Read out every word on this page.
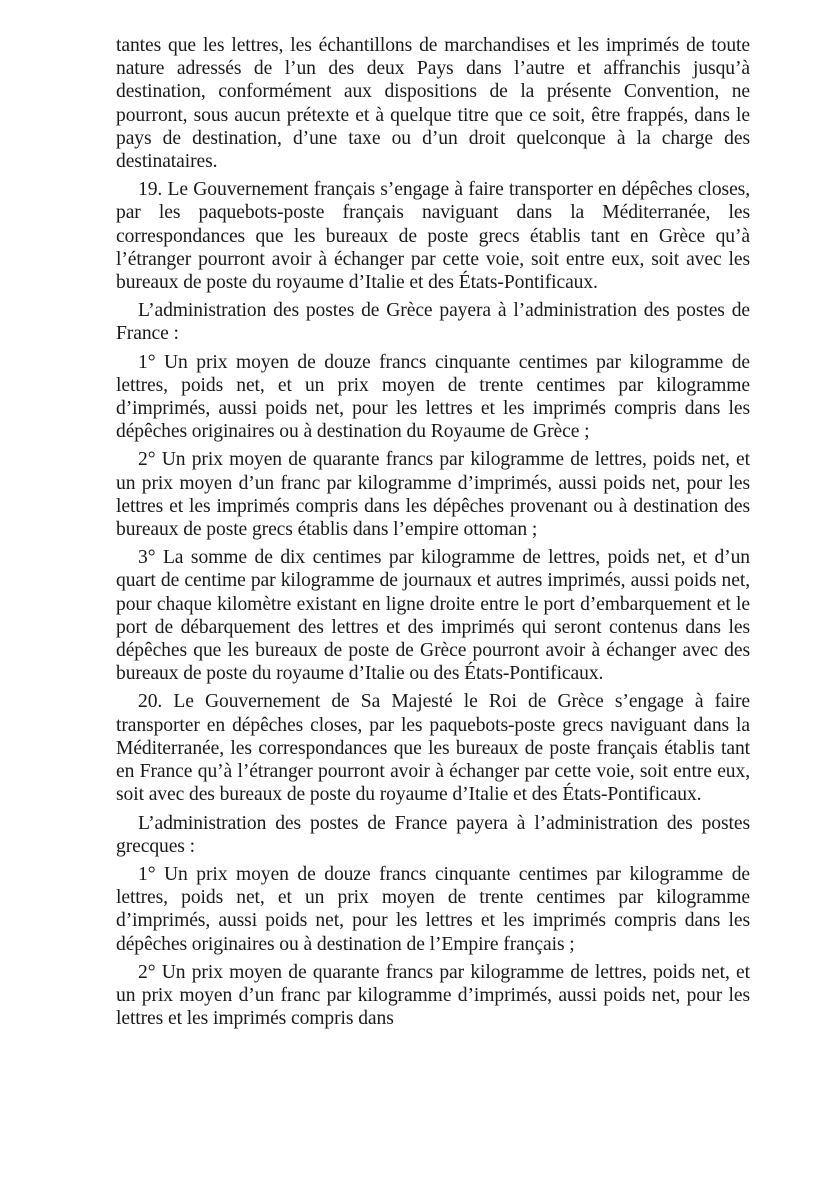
tantes que les lettres, les échantillons de marchandises et les imprimés de toute nature adressés de l’un des deux Pays dans l’autre et affranchis jusqu’à destination, conformément aux dispositions de la présente Convention, ne pourront, sous aucun prétexte et à quelque titre que ce soit, être frappés, dans le pays de destination, d’une taxe ou d’un droit quelconque à la charge des destinataires.

19. Le Gouvernement français s’engage à faire transporter en dépêches closes, par les paquebots-poste français naviguant dans la Méditerranée, les correspondances que les bureaux de poste grecs établis tant en Grèce qu’à l’étranger pourront avoir à échanger par cette voie, soit entre eux, soit avec les bureaux de poste du royaume d’Italie et des États-Pontificaux.

L’administration des postes de Grèce payera à l’administration des postes de France :

1° Un prix moyen de douze francs cinquante centimes par kilogramme de lettres, poids net, et un prix moyen de trente centimes par kilogramme d’imprimés, aussi poids net, pour les lettres et les imprimés compris dans les dépêches originaires ou à destination du Royaume de Grèce ;

2° Un prix moyen de quarante francs par kilogramme de lettres, poids net, et un prix moyen d’un franc par kilogramme d’imprimés, aussi poids net, pour les lettres et les imprimés compris dans les dépêches provenant ou à destination des bureaux de poste grecs établis dans l’empire ottoman ;

3° La somme de dix centimes par kilogramme de lettres, poids net, et d’un quart de centime par kilogramme de journaux et autres imprimés, aussi poids net, pour chaque kilomètre existant en ligne droite entre le port d’embarquement et le port de débarquement des lettres et des imprimés qui seront contenus dans les dépêches que les bureaux de poste de Grèce pourront avoir à échanger avec des bureaux de poste du royaume d’Italie ou des États-Pontificaux.

20. Le Gouvernement de Sa Majesté le Roi de Grèce s’engage à faire transporter en dépêches closes, par les paquebots-poste grecs naviguant dans la Méditerranée, les correspondances que les bureaux de poste français établis tant en France qu’à l’étranger pourront avoir à échanger par cette voie, soit entre eux, soit avec des bureaux de poste du royaume d’Italie et des États-Pontificaux.

L’administration des postes de France payera à l’administration des postes grecques :

1° Un prix moyen de douze francs cinquante centimes par kilogramme de lettres, poids net, et un prix moyen de trente centimes par kilogramme d’imprimés, aussi poids net, pour les lettres et les imprimés compris dans les dépêches originaires ou à destination de l’Empire français ;

2° Un prix moyen de quarante francs par kilogramme de lettres, poids net, et un prix moyen d’un franc par kilogramme d’imprimés, aussi poids net, pour les lettres et les imprimés compris dans
